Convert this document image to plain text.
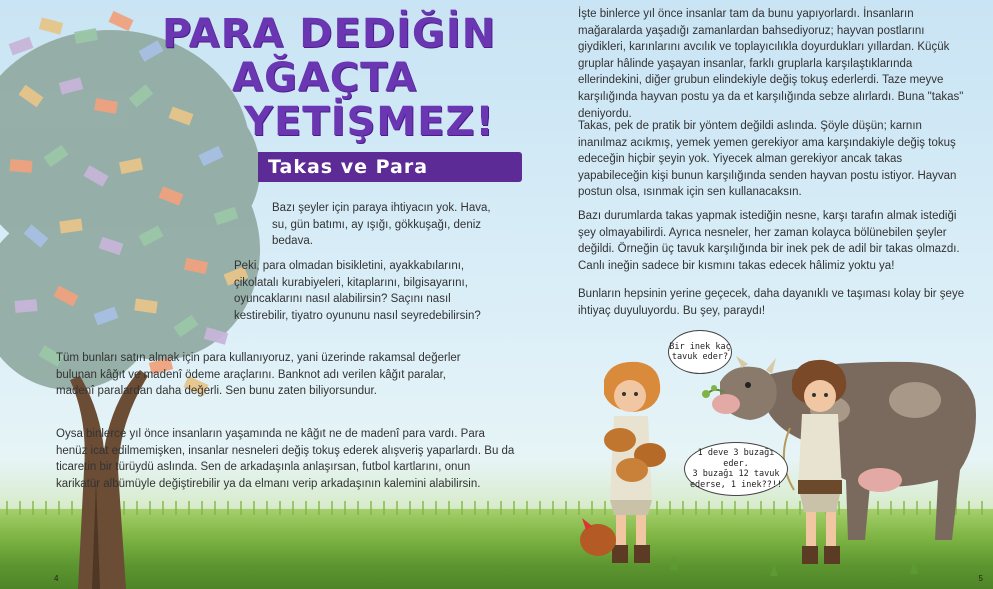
PARA DEDİĞİN
AĞAÇTA
YETİŞMEZ!
Takas ve Para

Bazı şeyler için paraya ihtiyacın yok. Hava, su, gün batımı, ay ışığı, gökkuşağı, deniz bedava.

Peki, para olmadan bisikletini, ayakkabılarını, çikolatalı kurabiyeleri, kitaplarını, bilgisayarını, oyuncaklarını nasıl alabilirsin? Saçını nasıl kestirebilir, tiyatro oyununu nasıl seyredebilirsin?

Tüm bunları satın almak için para kullanıyoruz, yani üzerinde rakamsal değerler bulunan kâğıt ve madenî ödeme araçlarını. Banknot adı verilen kâğıt paralar, madenî paralardan daha değerli. Sen bunu zaten biliyorsundur.

Oysa binlerce yıl önce insanların yaşamında ne kâğıt ne de madenî para vardı. Para henüz icat edilmemişken, insanlar nesneleri değiş tokuş ederek alışveriş yaparlardı. Bu da ticaretin bir türüydü aslında. Sen de arkadaşınla anlaşırsan, futbol kartlarını, onun karikatür albümüyle değiştirebilir ya da elmanı verip arkadaşının kalemini alabilirsin.

İşte binlerce yıl önce insanlar tam da bunu yapıyorlardı. İnsanların mağaralarda yaşadığı zamanlardan bahsediyoruz; hayvan postlarını giydikleri, karınlarını avcılık ve toplayıcılıkla doyurdukları yıllardan. Küçük gruplar hâlinde yaşayan insanlar, farklı gruplarla karşılaştıklarında ellerindekini, diğer grubun elindekiyle değiş tokuş ederlerdi. Taze meyve karşılığında hayvan postu ya da et karşılığında sebze alırlardı. Buna "takas" deniyordu.

Takas, pek de pratik bir yöntem değildi aslında. Şöyle düşün; karnın inanılmaz acıkmış, yemek yemen gerekiyor ama karşındakiyle değiş tokuş edeceğin hiçbir şeyin yok. Yiyecek alman gerekiyor ancak takas yapabileceğin kişi bunun karşılığında senden hayvan postu istiyor. Hayvan postun olsa, ısınmak için sen kullanacaksın.

Bazı durumlarda takas yapmak istediğin nesne, karşı tarafın almak istediği şey olmayabilirdi. Ayrıca nesneler, her zaman kolayca bölünebilen şeyler değildi. Örneğin üç tavuk karşılığında bir inek pek de adil bir takas olmazdı. Canlı ineğin sadece bir kısmını takas edecek hâlimiz yoktu ya!

Bunların hepsinin yerine geçecek, daha dayanıklı ve taşıması kolay bir şeye ihtiyaç duyuluyordu. Bu şey, paraydı!

Bir inek kaç
tavuk eder?
1 deve 3 buzağı eder.
3 buzağı 12 tavuk
ederse, 1 inek??!!
4	5
